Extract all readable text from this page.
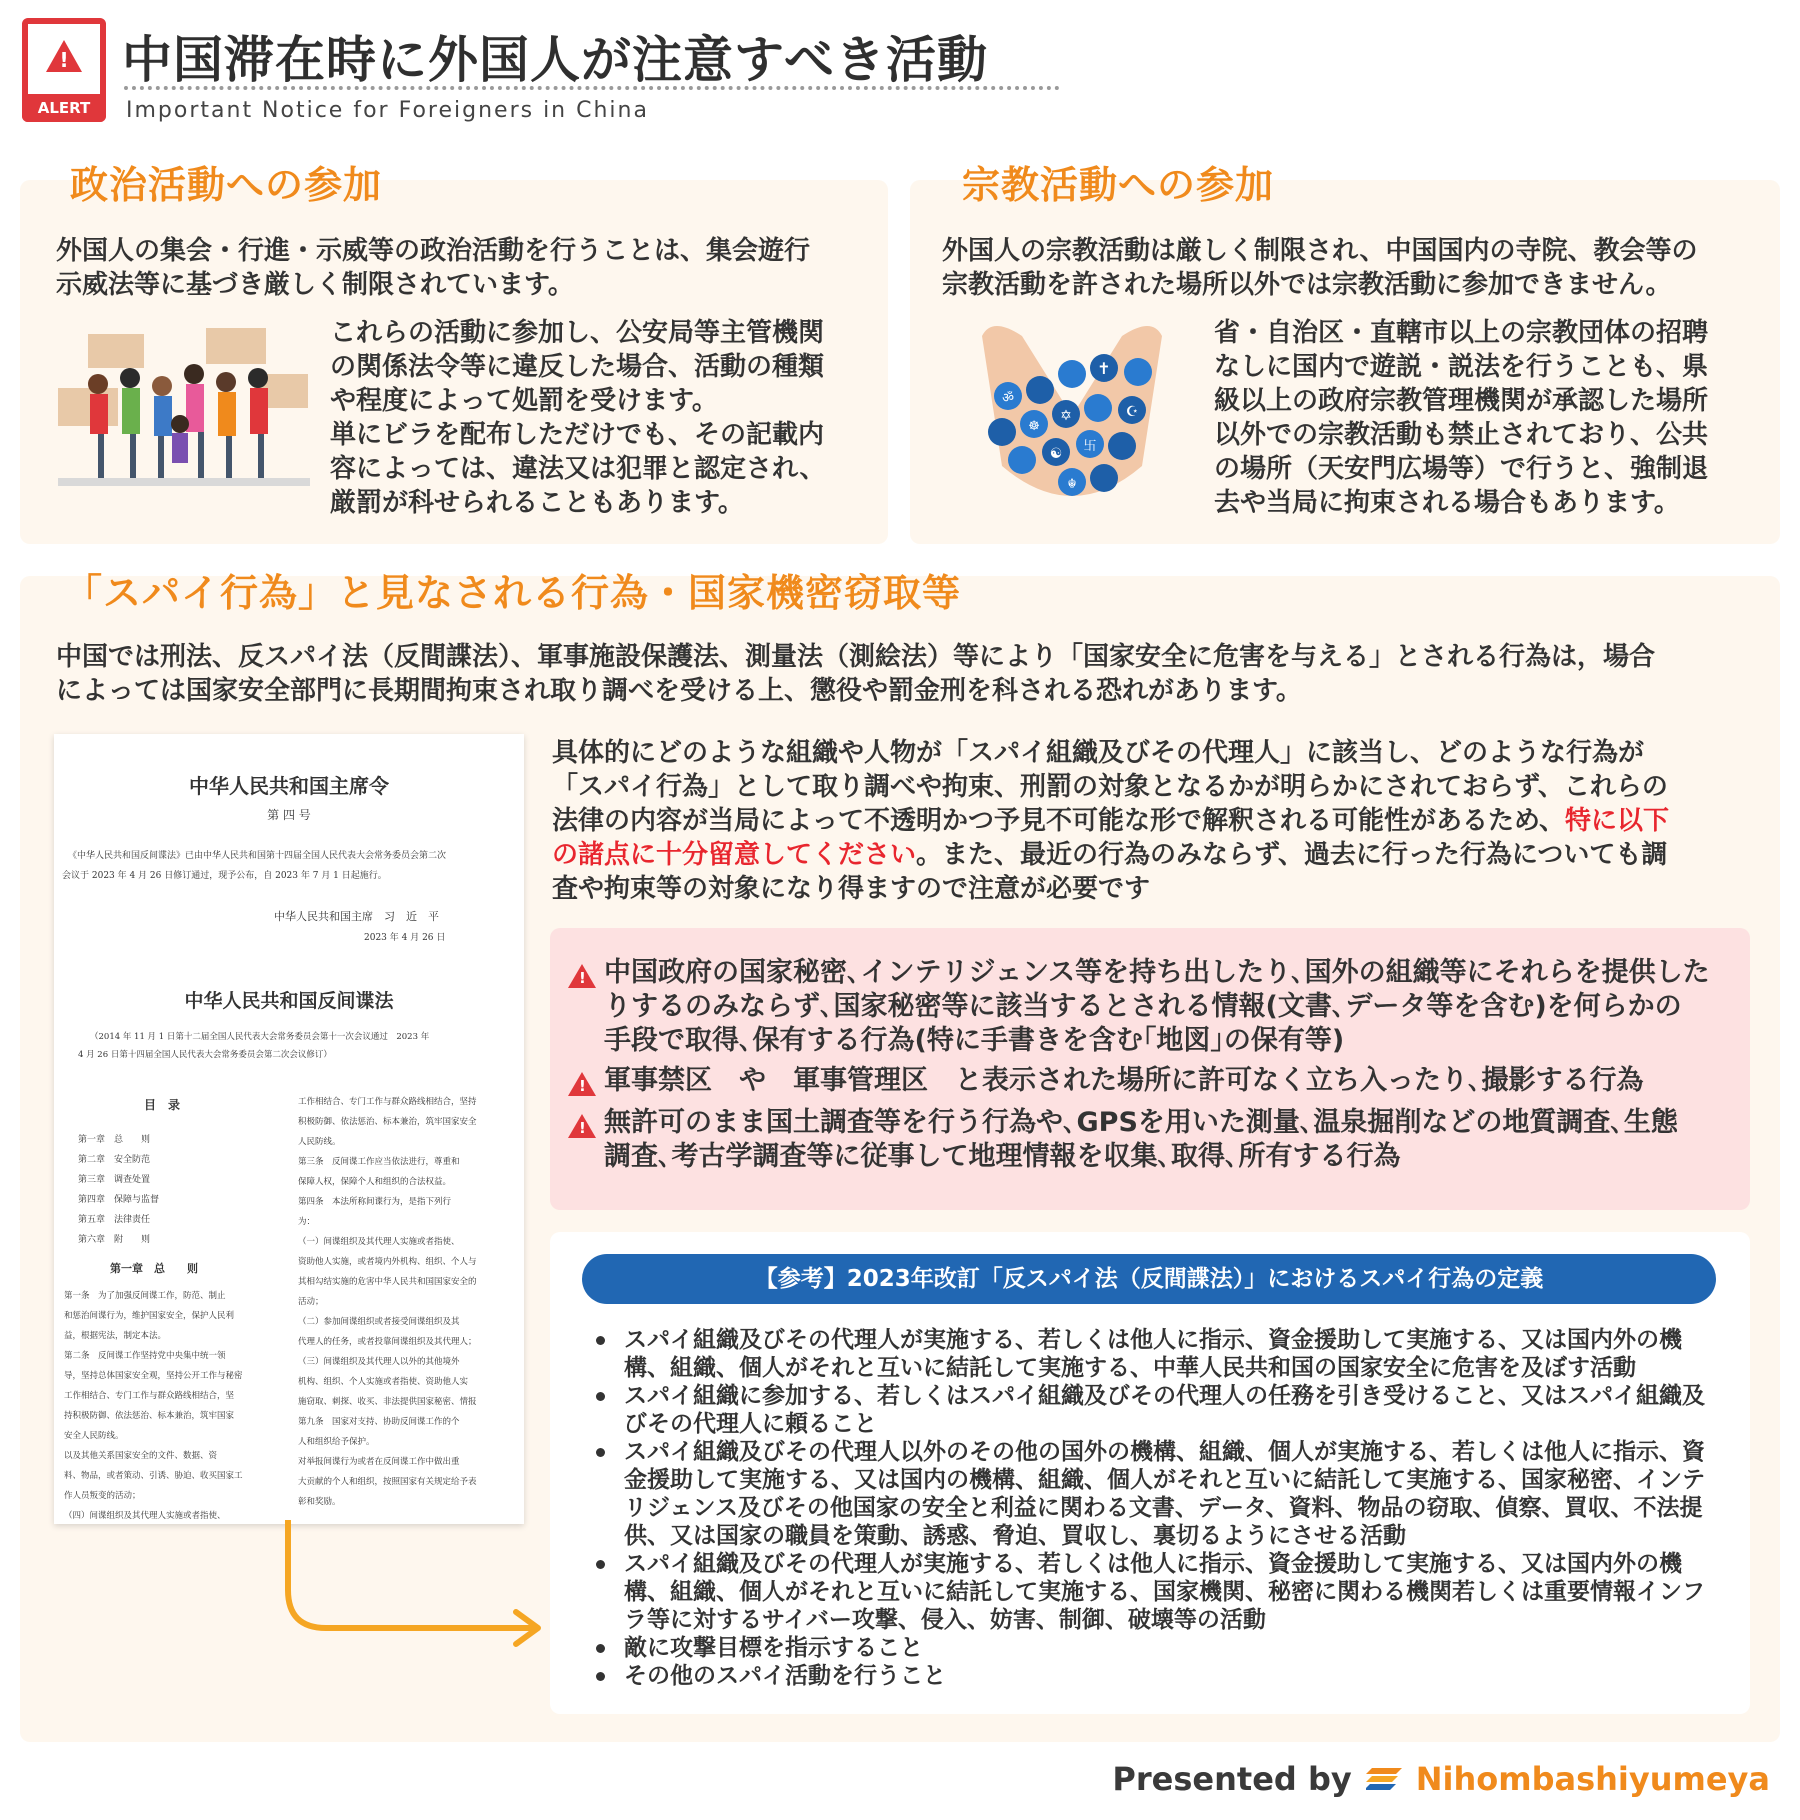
!
ALERT
中国滞在時に外国人が注意すべき活動
Important Notice for Foreigners in China
政治活動への参加
外国人の集会・行進・示威等の政治活動を行うことは、集会遊行
示威法等に基づき厳しく制限されています。
これらの活動に参加し、公安局等主管機関
の関係法令等に違反した場合、活動の種類
や程度によって処罰を受けます。
単にビラを配布しただけでも、その記載内
容によっては、違法又は犯罪と認定され、
厳罰が科せられることもあります。
宗教活動への参加
外国人の宗教活動は厳しく制限され、中国国内の寺院、教会等の
宗教活動を許された場所以外では宗教活動に参加できません。
✝
✡	☪
☯
ॐ
卐
☸
☬
省・自治区・直轄市以上の宗教団体の招聘
なしに国内で遊説・説法を行うことも、県
級以上の政府宗教管理機関が承認した場所
以外での宗教活動も禁止されており、公共
の場所（天安門広場等）で行うと、強制退
去や当局に拘束される場合もあります。
「スパイ行為」と見なされる行為・国家機密窃取等
中国では刑法、反スパイ法（反間諜法）、軍事施設保護法、測量法（測絵法）等により「国家安全に危害を与える」とされる行為は，場合
によっては国家安全部門に長期間拘束され取り調べを受ける上、懲役や罰金刑を科される恐れがあります。
中华人民共和国主席令
第 四 号
《中华人民共和国反间谍法》已由中华人民共和国第十四届全国人民代表大会常务委员会第二次
会议于 2023 年 4 月 26 日修订通过，现予公布，自 2023 年 7 月 1 日起施行。
中华人民共和国主席　习　近　平
2023 年 4 月 26 日
中华人民共和国反间谍法
（2014 年 11 月 1 日第十二届全国人民代表大会常务委员会第十一次会议通过　2023 年
4 月 26 日第十四届全国人民代表大会常务委员会第二次会议修订）
目　录
第一章　总　　则
第二章　安全防范
第三章　调查处置
第四章　保障与监督
第五章　法律责任
第六章　附　　则
第一章　总　　则
第一条　为了加强反间谍工作，防范、制止
和惩治间谍行为，维护国家安全，保护人民利
益，根据宪法，制定本法。
第二条　反间谍工作坚持党中央集中统一领
导，坚持总体国家安全观，坚持公开工作与秘密
工作相结合、专门工作与群众路线相结合，坚
持积极防御、依法惩治、标本兼治，筑牢国家
安全人民防线。
以及其他关系国家安全的文件、数据、资
料、物品，或者策动、引诱、胁迫、收买国家工
作人员叛变的活动；
（四）间谍组织及其代理人实施或者指使、
工作相结合、专门工作与群众路线相结合，坚持
积极防御、依法惩治、标本兼治，筑牢国家安全
人民防线。
第三条　反间谍工作应当依法进行，尊重和
保障人权，保障个人和组织的合法权益。
第四条　本法所称间谍行为，是指下列行
为：
（一）间谍组织及其代理人实施或者指使、
资助他人实施，或者境内外机构、组织、个人与
其相勾结实施的危害中华人民共和国国家安全的
活动；
（二）参加间谍组织或者接受间谍组织及其
代理人的任务，或者投靠间谍组织及其代理人；
（三）间谍组织及其代理人以外的其他境外
机构、组织、个人实施或者指使、资助他人实
施窃取、刺探、收买、非法提供国家秘密、情报
第九条　国家对支持、协助反间谍工作的个
人和组织给予保护。
对举报间谍行为或者在反间谍工作中做出重
大贡献的个人和组织，按照国家有关规定给予表
彰和奖励。
具体的にどのような組織や人物が「スパイ組織及びその代理人」に該当し、どのような行為が
「スパイ行為」として取り調べや拘束、刑罰の対象となるかが明らかにされておらず、これらの
法律の内容が当局によって不透明かつ予見不可能な形で解釈される可能性があるため、特に以下
の諸点に十分留意してください。また、最近の行為のみならず、過去に行った行為についても調
査や拘束等の対象になり得ますので注意が必要です
!
中国政府の国家秘密､インテリジェンス等を持ち出したり､国外の組織等にそれらを提供した
りするのみならず､国家秘密等に該当するとされる情報(文書､データ等を含む)を何らかの
手段で取得､保有する行為(特に手書きを含む｢地図｣の保有等)
!
軍事禁区　や　軍事管理区　と表示された場所に許可なく立ち入ったり､撮影する行為
!
無許可のまま国土調査等を行う行為や､GPSを用いた測量､温泉掘削などの地質調査､生態
調査､考古学調査等に従事して地理情報を収集､取得､所有する行為
【参考】2023年改訂「反スパイ法（反間諜法）」におけるスパイ行為の定義
スパイ組織及びその代理人が実施する、若しくは他人に指示、資金援助して実施する、又は国内外の機構、組織、個人がそれと互いに結託して実施する、中華人民共和国の国家安全に危害を及ぼす活動
スパイ組織に参加する、若しくはスパイ組織及びその代理人の任務を引き受けること、又はスパイ組織及びその代理人に頼ること
スパイ組織及びその代理人以外のその他の国外の機構、組織、個人が実施する、若しくは他人に指示、資金援助して実施する、又は国内の機構、組織、個人がそれと互いに結託して実施する、国家秘密、インテリジェンス及びその他国家の安全と利益に関わる文書、データ、資料、物品の窃取、偵察、買収、不法提供、又は国家の職員を策動、誘惑、脅迫、買収し、裏切るようにさせる活動
スパイ組織及びその代理人が実施する、若しくは他人に指示、資金援助して実施する、又は国内外の機構、組織、個人がそれと互いに結託して実施する、国家機関、秘密に関わる機関若しくは重要情報インフラ等に対するサイバー攻撃、侵入、妨害、制御、破壊等の活動
敵に攻撃目標を指示すること
その他のスパイ活動を行うこと
Presented by Nihombashiyumeya
